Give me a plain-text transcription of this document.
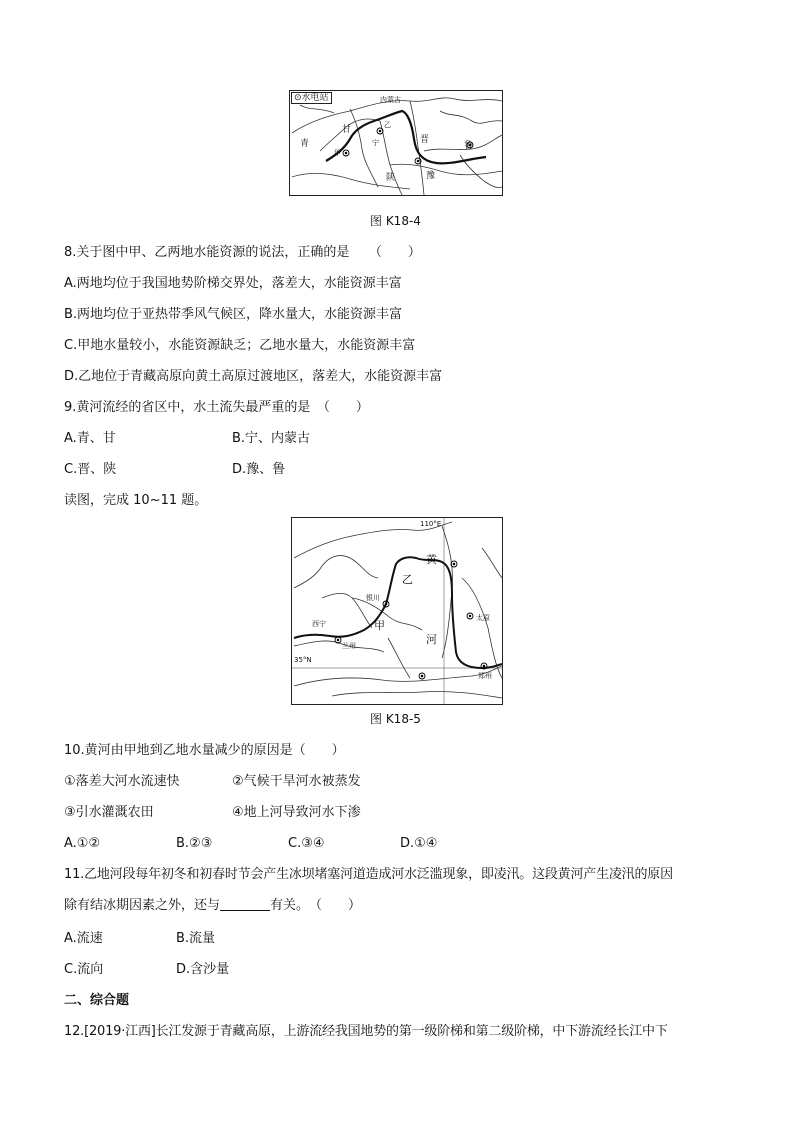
⊙水电站	内蒙古
甘
青	宁
甲
乙
晋
鲁
陕	豫
图 K18-4
8.关于图中甲、乙两地水能资源的说法，正确的是　　（　　）
A.两地均位于我国地势阶梯交界处，落差大，水能资源丰富
B.两地均位于亚热带季风气候区，降水量大，水能资源丰富
C.甲地水量较小，水能资源缺乏；乙地水量大，水能资源丰富
D.乙地位于青藏高原向黄土高原过渡地区，落差大，水能资源丰富
9.黄河流经的省区中，水土流失最严重的是　（　　）
A.青、甘	B.宁、内蒙古
C.晋、陕	D.豫、鲁
读图，完成 10~11 题。
110°E
35°N
黄
河
乙
甲
银川
西宁
兰州
太原
郑州
图 K18-5
10.黄河由甲地到乙地水量减少的原因是（　　）
①落差大河水流速快	②气候干旱河水被蒸发
③引水灌溉农田	④地上河导致河水下渗
A.①②	B.②③	C.③④	D.①④
11.乙地河段每年初冬和初春时节会产生冰坝堵塞河道造成河水泛滥现象，即凌汛。这段黄河产生凌汛的原因
除有结冰期因素之外，还与	有关。　（　　）
A.流速	B.流量
C.流向	D.含沙量
二、综合题
12.[2019·江西]长江发源于青藏高原，上游流经我国地势的第一级阶梯和第二级阶梯，中下游流经长江中下
